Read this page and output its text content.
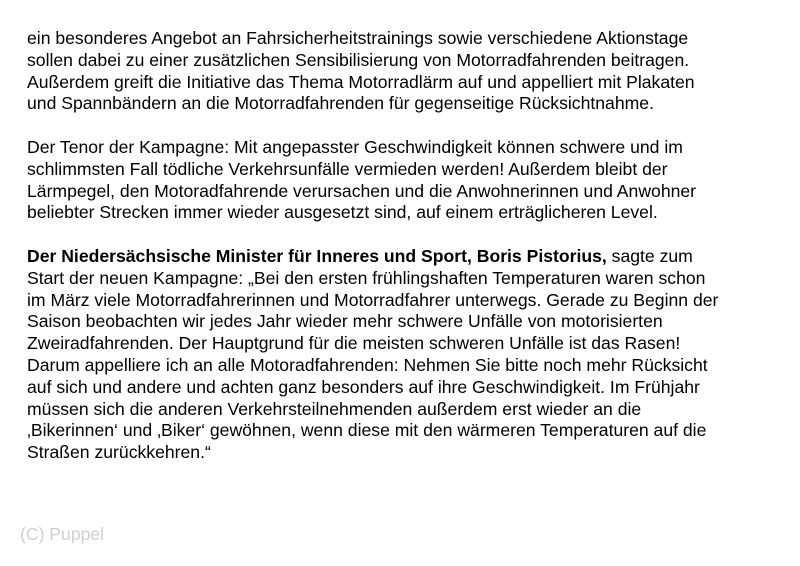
ein besonderes Angebot an Fahrsicherheitstrainings sowie verschiedene Aktionstage
sollen dabei zu einer zusätzlichen Sensibilisierung von Motorradfahrenden beitragen.
Außerdem greift die Initiative das Thema Motorradlärm auf und appelliert mit Plakaten
und Spannbändern an die Motorradfahrenden für gegenseitige Rücksichtnahme.
Der Tenor der Kampagne: Mit angepasster Geschwindigkeit können schwere und im
schlimmsten Fall tödliche Verkehrsunfälle vermieden werden! Außerdem bleibt der
Lärmpegel, den Motoradfahrende verursachen und die Anwohnerinnen und Anwohner
beliebter Strecken immer wieder ausgesetzt sind, auf einem erträglicheren Level.
Der Niedersächsische Minister für Inneres und Sport, Boris Pistorius, sagte zum
Start der neuen Kampagne: „Bei den ersten frühlingshaften Temperaturen waren schon
im März viele Motorradfahrerinnen und Motorradfahrer unterwegs. Gerade zu Beginn der
Saison beobachten wir jedes Jahr wieder mehr schwere Unfälle von motorisierten
Zweiradfahrenden. Der Hauptgrund für die meisten schweren Unfälle ist das Rasen!
Darum appelliere ich an alle Motoradfahrenden: Nehmen Sie bitte noch mehr Rücksicht
auf sich und andere und achten ganz besonders auf ihre Geschwindigkeit. Im Frühjahr
müssen sich die anderen Verkehrsteilnehmenden außerdem erst wieder an die
‚Bikerinnen‘ und ‚Biker‘ gewöhnen, wenn diese mit den wärmeren Temperaturen auf die
Straßen zurückkehren.“
(C) Puppel
